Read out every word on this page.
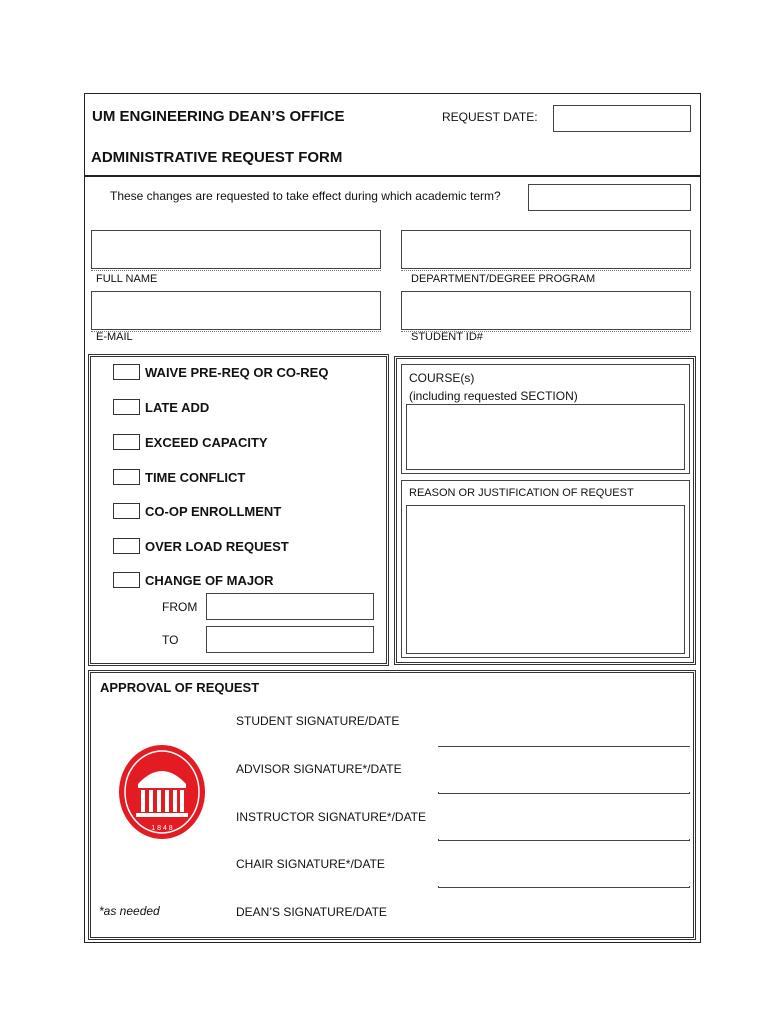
UM ENGINEERING DEAN’S OFFICE	REQUEST DATE:
ADMINISTRATIVE REQUEST FORM
These changes are requested to take effect during which academic term?
FULL NAME	DEPARTMENT/DEGREE PROGRAM
E-MAIL	STUDENT ID#
WAIVE PRE-REQ OR CO-REQ
LATE ADD
EXCEED CAPACITY
TIME CONFLICT
CO-OP ENROLLMENT
OVER LOAD REQUEST
CHANGE OF MAJOR
FROM
TO
COURSE(s)
(including requested SECTION)
REASON OR JUSTIFICATION OF REQUEST
APPROVAL OF REQUEST
1 8 4 8
*as needed
STUDENT SIGNATURE/DATE
ADVISOR SIGNATURE*/DATE
INSTRUCTOR SIGNATURE*/DATE
CHAIR SIGNATURE*/DATE
DEAN’S SIGNATURE/DATE
